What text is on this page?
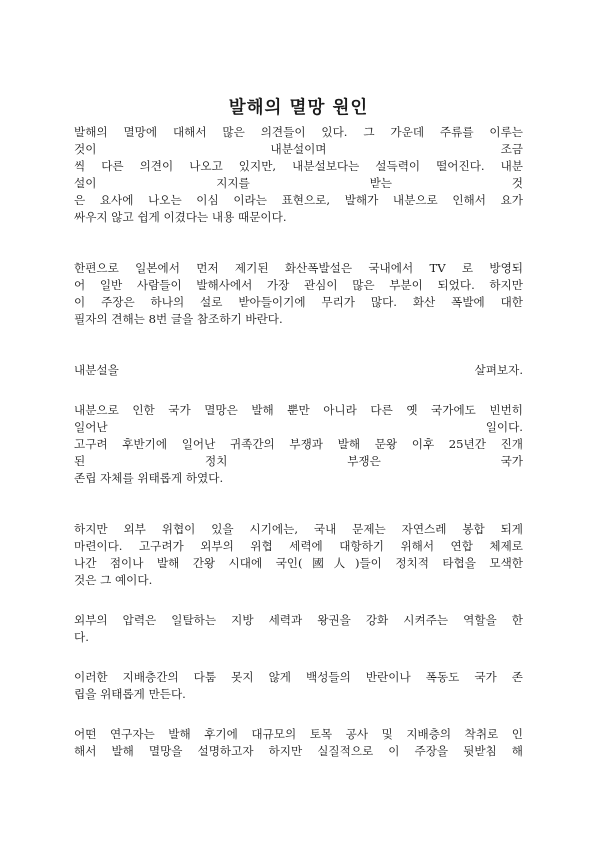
발해의 멸망 원인
발해의 멸망에 대해서 많은 의견들이 있다. 그 가운데 주류를 이루는
것이 내분설이며 조금
씩 다른 의견이 나오고 있지만, 내분설보다는 설득력이 떨어진다. 내분
설이 지지를 받는 것
은 요사에 나오는 이심 이라는 표현으로, 발해가 내분으로 인해서 요가
싸우지 않고 쉽게 이겼다는 내용 때문이다.
한편으로 일본에서 먼저 제기된 화산폭발설은 국내에서 TV 로 방영되
어 일반 사람들이 발해사에서 가장 관심이 많은 부분이 되었다. 하지만
이 주장은 하나의 설로 받아들이기에 무리가 많다. 화산 폭발에 대한
필자의 견해는 8번 글을 참조하기 바란다.
내분설을 살펴보자.
내분으로 인한 국가 멸망은 발해 뿐만 아니라 다른 옛 국가에도 빈번히
일어난 일이다.
고구려 후반기에 일어난 귀족간의 부쟁과 발해 문왕 이후 25년간 진개
된 정치 부쟁은 국가
존립 자체를 위태롭게 하였다.
하지만 외부 위협이 있을 시기에는, 국내 문제는 자연스레 봉합 되게
마련이다. 고구려가 외부의 위협 세력에 대항하기 위해서 연합 체제로
나간 점이나 발해 간왕 시대에 국인(國人)들이 정치적 타협을 모색한
것은 그 예이다.
외부의 압력은 일탈하는 지방 세력과 왕권을 강화 시켜주는 역할을 한
다.
이러한 지배층간의 다툼 못지 않게 백성들의 반란이나 폭동도 국가 존
립을 위태롭게 만든다.
어떤 연구자는 발해 후기에 대규모의 토목 공사 및 지배층의 착취로 인
해서 발해 멸망을 설명하고자 하지만 실질적으로 이 주장을 뒷받침 해
